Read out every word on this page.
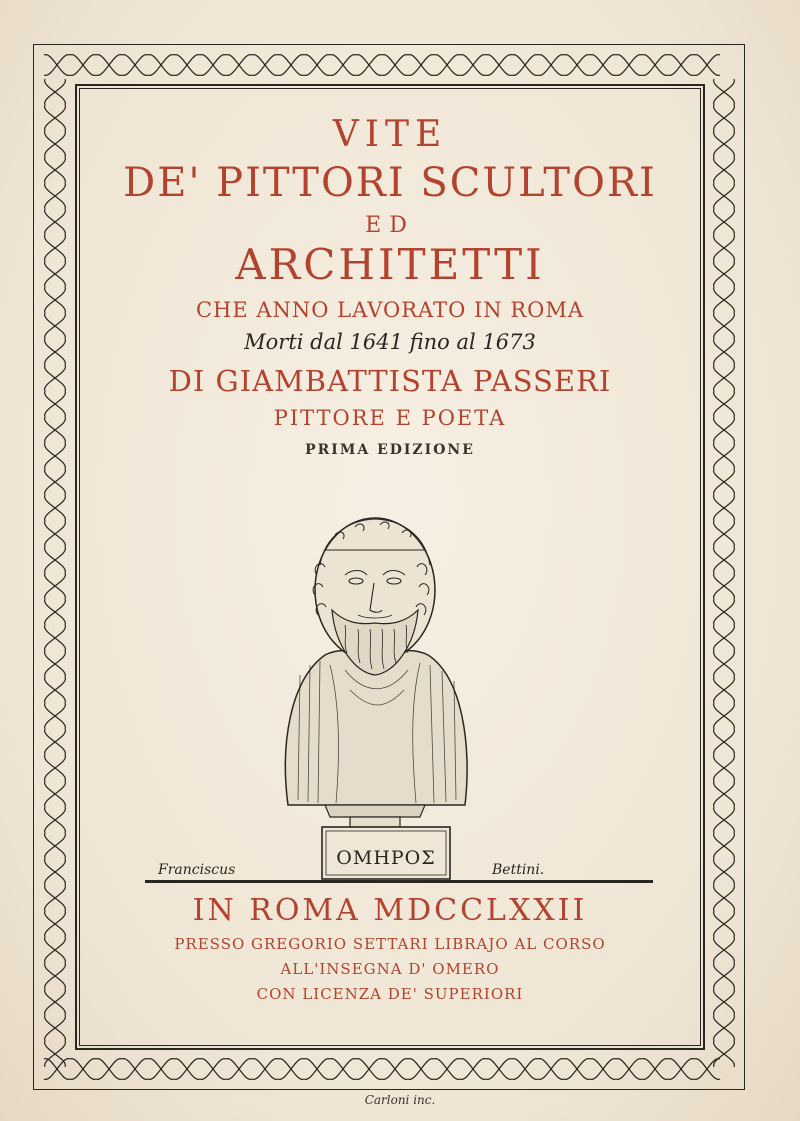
VITE

DE' PITTORI SCULTORI

ED

ARCHITETTI

CHE ANNO LAVORATO IN ROMA

Morti dal 1641 fino al 1673

DI GIAMBATTISTA PASSERI

PITTORE E POETA

PRIMA EDIZIONE

ΟΜΗΡΟΣ

Franciscus	Bettini.

IN ROMA MDCCLXXII

PRESSO GREGORIO SETTARI LIBRAJO AL CORSO

ALL'INSEGNA D' OMERO

CON LICENZA DE' SUPERIORI

Carloni inc.
